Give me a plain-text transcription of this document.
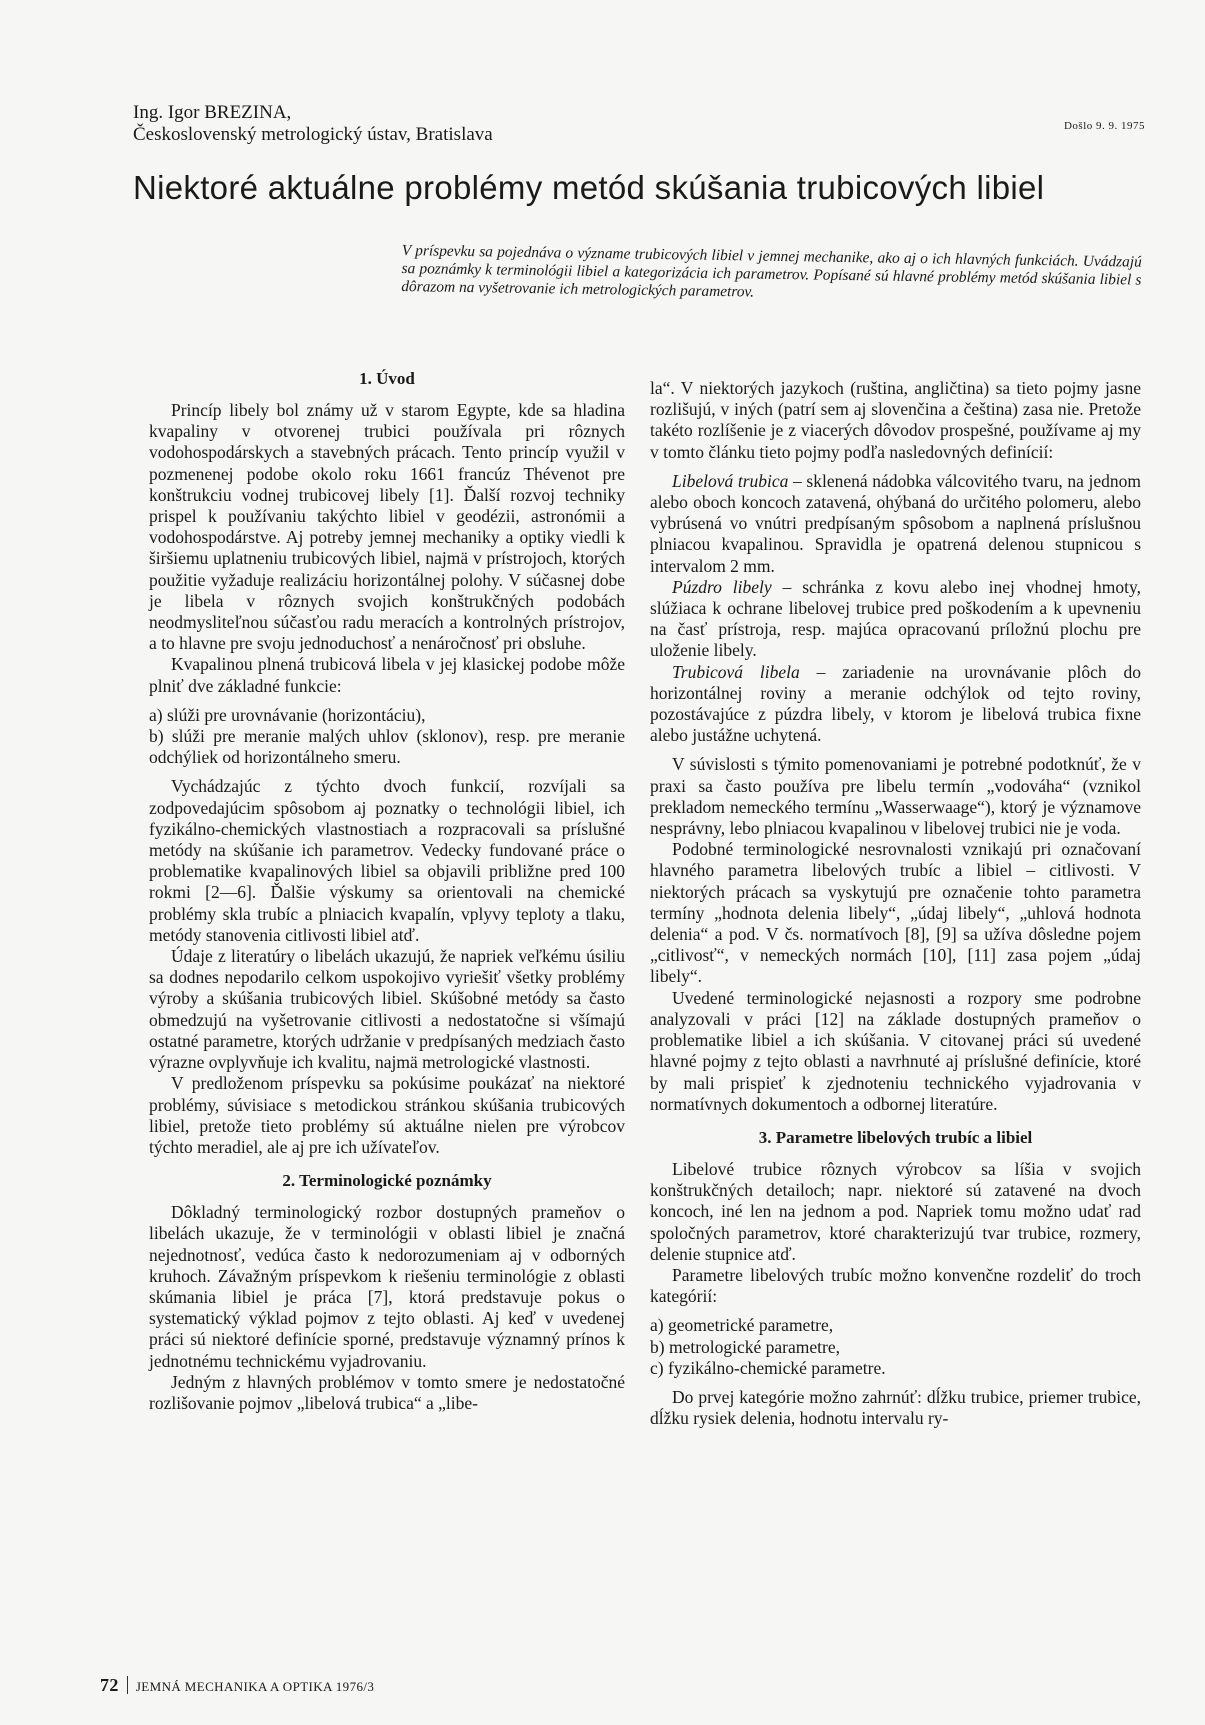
Ing. Igor BREZINA,
Československý metrologický ústav, Bratislava	Došlo 9. 9. 1975
Niektoré aktuálne problémy metód skúšania trubicových libiel
V príspevku sa pojednáva o význame trubicových libiel v jemnej mechanike, ako aj o ich hlavných funkciách. Uvádzajú sa poznámky k terminológii libiel a kategorizácia ich parametrov. Popísané sú hlavné problémy metód skúšania libiel s dôrazom na vyšetrovanie ich metrologických parametrov.
1. Úvod

Princíp libely bol známy už v starom Egypte, kde sa hladina kvapaliny v otvorenej trubici používala pri rôznych vodohospodárskych a stavebných prácach. Tento princíp využil v pozmenenej podobe okolo roku 1661 francúz Thévenot pre konštrukciu vodnej trubicovej libely [1]. Ďalší rozvoj techniky prispel k používaniu takýchto libiel v geodézii, astronómii a vodohospodárstve. Aj potreby jemnej mechaniky a optiky viedli k širšiemu uplatneniu trubicových libiel, najmä v prístrojoch, ktorých použitie vyžaduje realizáciu horizontálnej polohy. V súčasnej dobe je libela v rôznych svojich konštrukčných podobách neodmysliteľnou súčasťou radu meracích a kontrolných prístrojov, a to hlavne pre svoju jednoduchosť a nenáročnosť pri obsluhe.

Kvapalinou plnená trubicová libela v jej klasickej podobe môže plniť dve základné funkcie:

a) slúži pre urovnávanie (horizontáciu),

b) slúži pre meranie malých uhlov (sklonov), resp. pre meranie odchýliek od horizontálneho smeru.

Vychádzajúc z týchto dvoch funkcií, rozvíjali sa zodpovedajúcim spôsobom aj poznatky o technológii libiel, ich fyzikálno-chemických vlastnostiach a rozpracovali sa príslušné metódy na skúšanie ich parametrov. Vedecky fundované práce o problematike kvapalinových libiel sa objavili približne pred 100 rokmi [2—6]. Ďalšie výskumy sa orientovali na chemické problémy skla trubíc a plniacich kvapalín, vplyvy teploty a tlaku, metódy stanovenia citlivosti libiel atď.

Údaje z literatúry o libelách ukazujú, že napriek veľkému úsiliu sa dodnes nepodarilo celkom uspokojivo vyriešiť všetky problémy výroby a skúšania trubicových libiel. Skúšobné metódy sa často obmedzujú na vyšetrovanie citlivosti a nedostatočne si všímajú ostatné parametre, ktorých udržanie v predpísaných medziach často výrazne ovplyvňuje ich kvalitu, najmä metrologické vlastnosti.

V predloženom príspevku sa pokúsime poukázať na niektoré problémy, súvisiace s metodickou stránkou skúšania trubicových libiel, pretože tieto problémy sú aktuálne nielen pre výrobcov týchto meradiel, ale aj pre ich užívateľov.

2. Terminologické poznámky

Dôkladný terminologický rozbor dostupných prameňov o libelách ukazuje, že v terminológii v oblasti libiel je značná nejednotnosť, vedúca často k nedorozumeniam aj v odborných kruhoch. Závažným príspevkom k riešeniu terminológie z oblasti skúmania libiel je práca [7], ktorá predstavuje pokus o systematický výklad pojmov z tejto oblasti. Aj keď v uvedenej práci sú niektoré definície sporné, predstavuje významný prínos k jednotnému technickému vyjadrovaniu.

Jedným z hlavných problémov v tomto smere je nedostatočné rozlišovanie pojmov „libelová trubica“ a „libe-

la“. V niektorých jazykoch (ruština, angličtina) sa tieto pojmy jasne rozlišujú, v iných (patrí sem aj slovenčina a čeština) zasa nie. Pretože takéto rozlíšenie je z viacerých dôvodov prospešné, používame aj my v tomto článku tieto pojmy podľa nasledovných definícií:

Libelová trubica – sklenená nádobka válcovitého tvaru, na jednom alebo oboch koncoch zatavená, ohýbaná do určitého polomeru, alebo vybrúsená vo vnútri predpísaným spôsobom a naplnená príslušnou plniacou kvapalinou. Spravidla je opatrená delenou stupnicou s intervalom 2 mm.

Púzdro libely – schránka z kovu alebo inej vhodnej hmoty, slúžiaca k ochrane libelovej trubice pred poškodením a k upevneniu na časť prístroja, resp. majúca opracovanú príložnú plochu pre uloženie libely.

Trubicová libela – zariadenie na urovnávanie plôch do horizontálnej roviny a meranie odchýlok od tejto roviny, pozostávajúce z púzdra libely, v ktorom je libelová trubica fixne alebo justážne uchytená.

V súvislosti s týmito pomenovaniami je potrebné podotknúť, že v praxi sa často používa pre libelu termín „vodováha“ (vznikol prekladom nemeckého termínu „Wasserwaage“), ktorý je významove nesprávny, lebo plniacou kvapalinou v libelovej trubici nie je voda.

Podobné terminologické nesrovnalosti vznikajú pri označovaní hlavného parametra libelových trubíc a libiel – citlivosti. V niektorých prácach sa vyskytujú pre označenie tohto parametra termíny „hodnota delenia libely“, „údaj libely“, „uhlová hodnota delenia“ a pod. V čs. normatívoch [8], [9] sa užíva dôsledne pojem „citlivosť“, v nemeckých normách [10], [11] zasa pojem „údaj libely“.

Uvedené terminologické nejasnosti a rozpory sme podrobne analyzovali v práci [12] na základe dostupných prameňov o problematike libiel a ich skúšania. V citovanej práci sú uvedené hlavné pojmy z tejto oblasti a navrhnuté aj príslušné definície, ktoré by mali prispieť k zjednoteniu technického vyjadrovania v normatívnych dokumentoch a odbornej literatúre.

3. Parametre libelových trubíc a libiel

Libelové trubice rôznych výrobcov sa líšia v svojich konštrukčných detailoch; napr. niektoré sú zatavené na dvoch koncoch, iné len na jednom a pod. Napriek tomu možno udať rad spoločných parametrov, ktoré charakterizujú tvar trubice, rozmery, delenie stupnice atď.

Parametre libelových trubíc možno konvenčne rozdeliť do troch kategórií:

a) geometrické parametre,

b) metrologické parametre,

c) fyzikálno-chemické parametre.

Do prvej kategórie možno zahrnúť: dĺžku trubice, priemer trubice, dĺžku rysiek delenia, hodnotu intervalu ry-

72 JEMNÁ MECHANIKA A OPTIKA 1976/3
